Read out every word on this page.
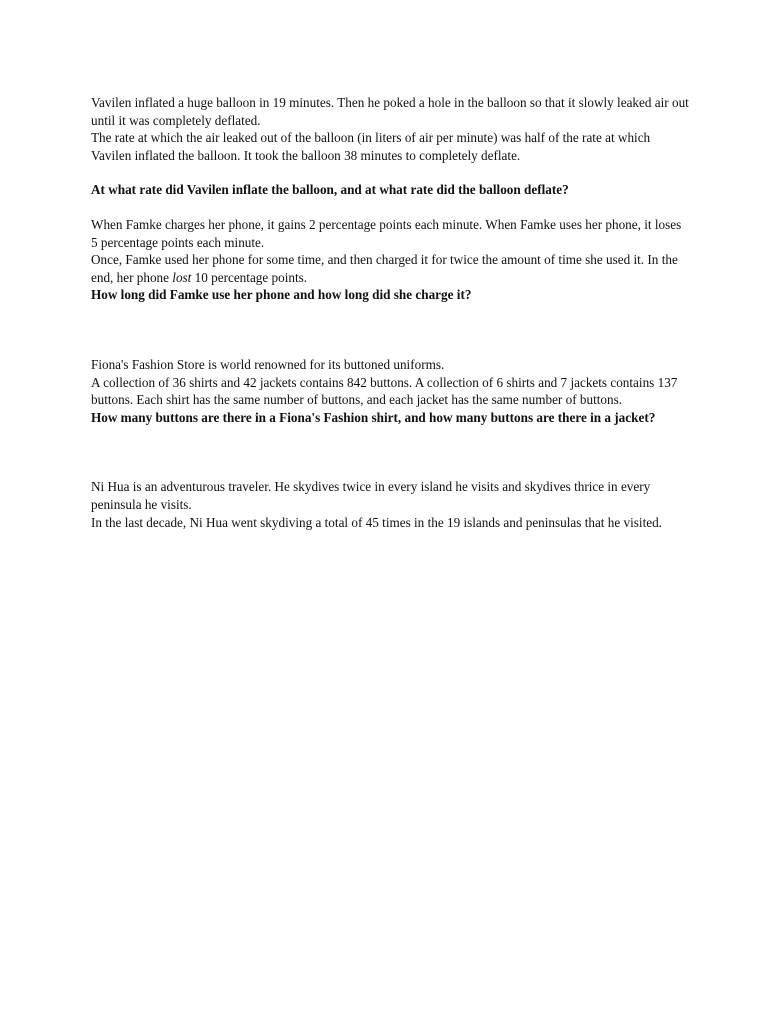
Vavilen inflated a huge balloon in 19 minutes. Then he poked a hole in the balloon so that it slowly leaked air out until it was completely deflated.

The rate at which the air leaked out of the balloon (in liters of air per minute) was half of the rate at which Vavilen inflated the balloon. It took the balloon 38 minutes to completely deflate.

At what rate did Vavilen inflate the balloon, and at what rate did the balloon deflate?

When Famke charges her phone, it gains 2 percentage points each minute. When Famke uses her phone, it loses 5 percentage points each minute.

Once, Famke used her phone for some time, and then charged it for twice the amount of time she used it. In the end, her phone lost 10 percentage points.

How long did Famke use her phone and how long did she charge it?

Fiona's Fashion Store is world renowned for its buttoned uniforms.

A collection of 36 shirts and 42 jackets contains 842 buttons. A collection of 6 shirts and 7 jackets contains 137 buttons. Each shirt has the same number of buttons, and each jacket has the same number of buttons.

How many buttons are there in a Fiona's Fashion shirt, and how many buttons are there in a jacket?

Ni Hua is an adventurous traveler. He skydives twice in every island he visits and skydives thrice in every peninsula he visits.

In the last decade, Ni Hua went skydiving a total of 45 times in the 19 islands and peninsulas that he visited.
